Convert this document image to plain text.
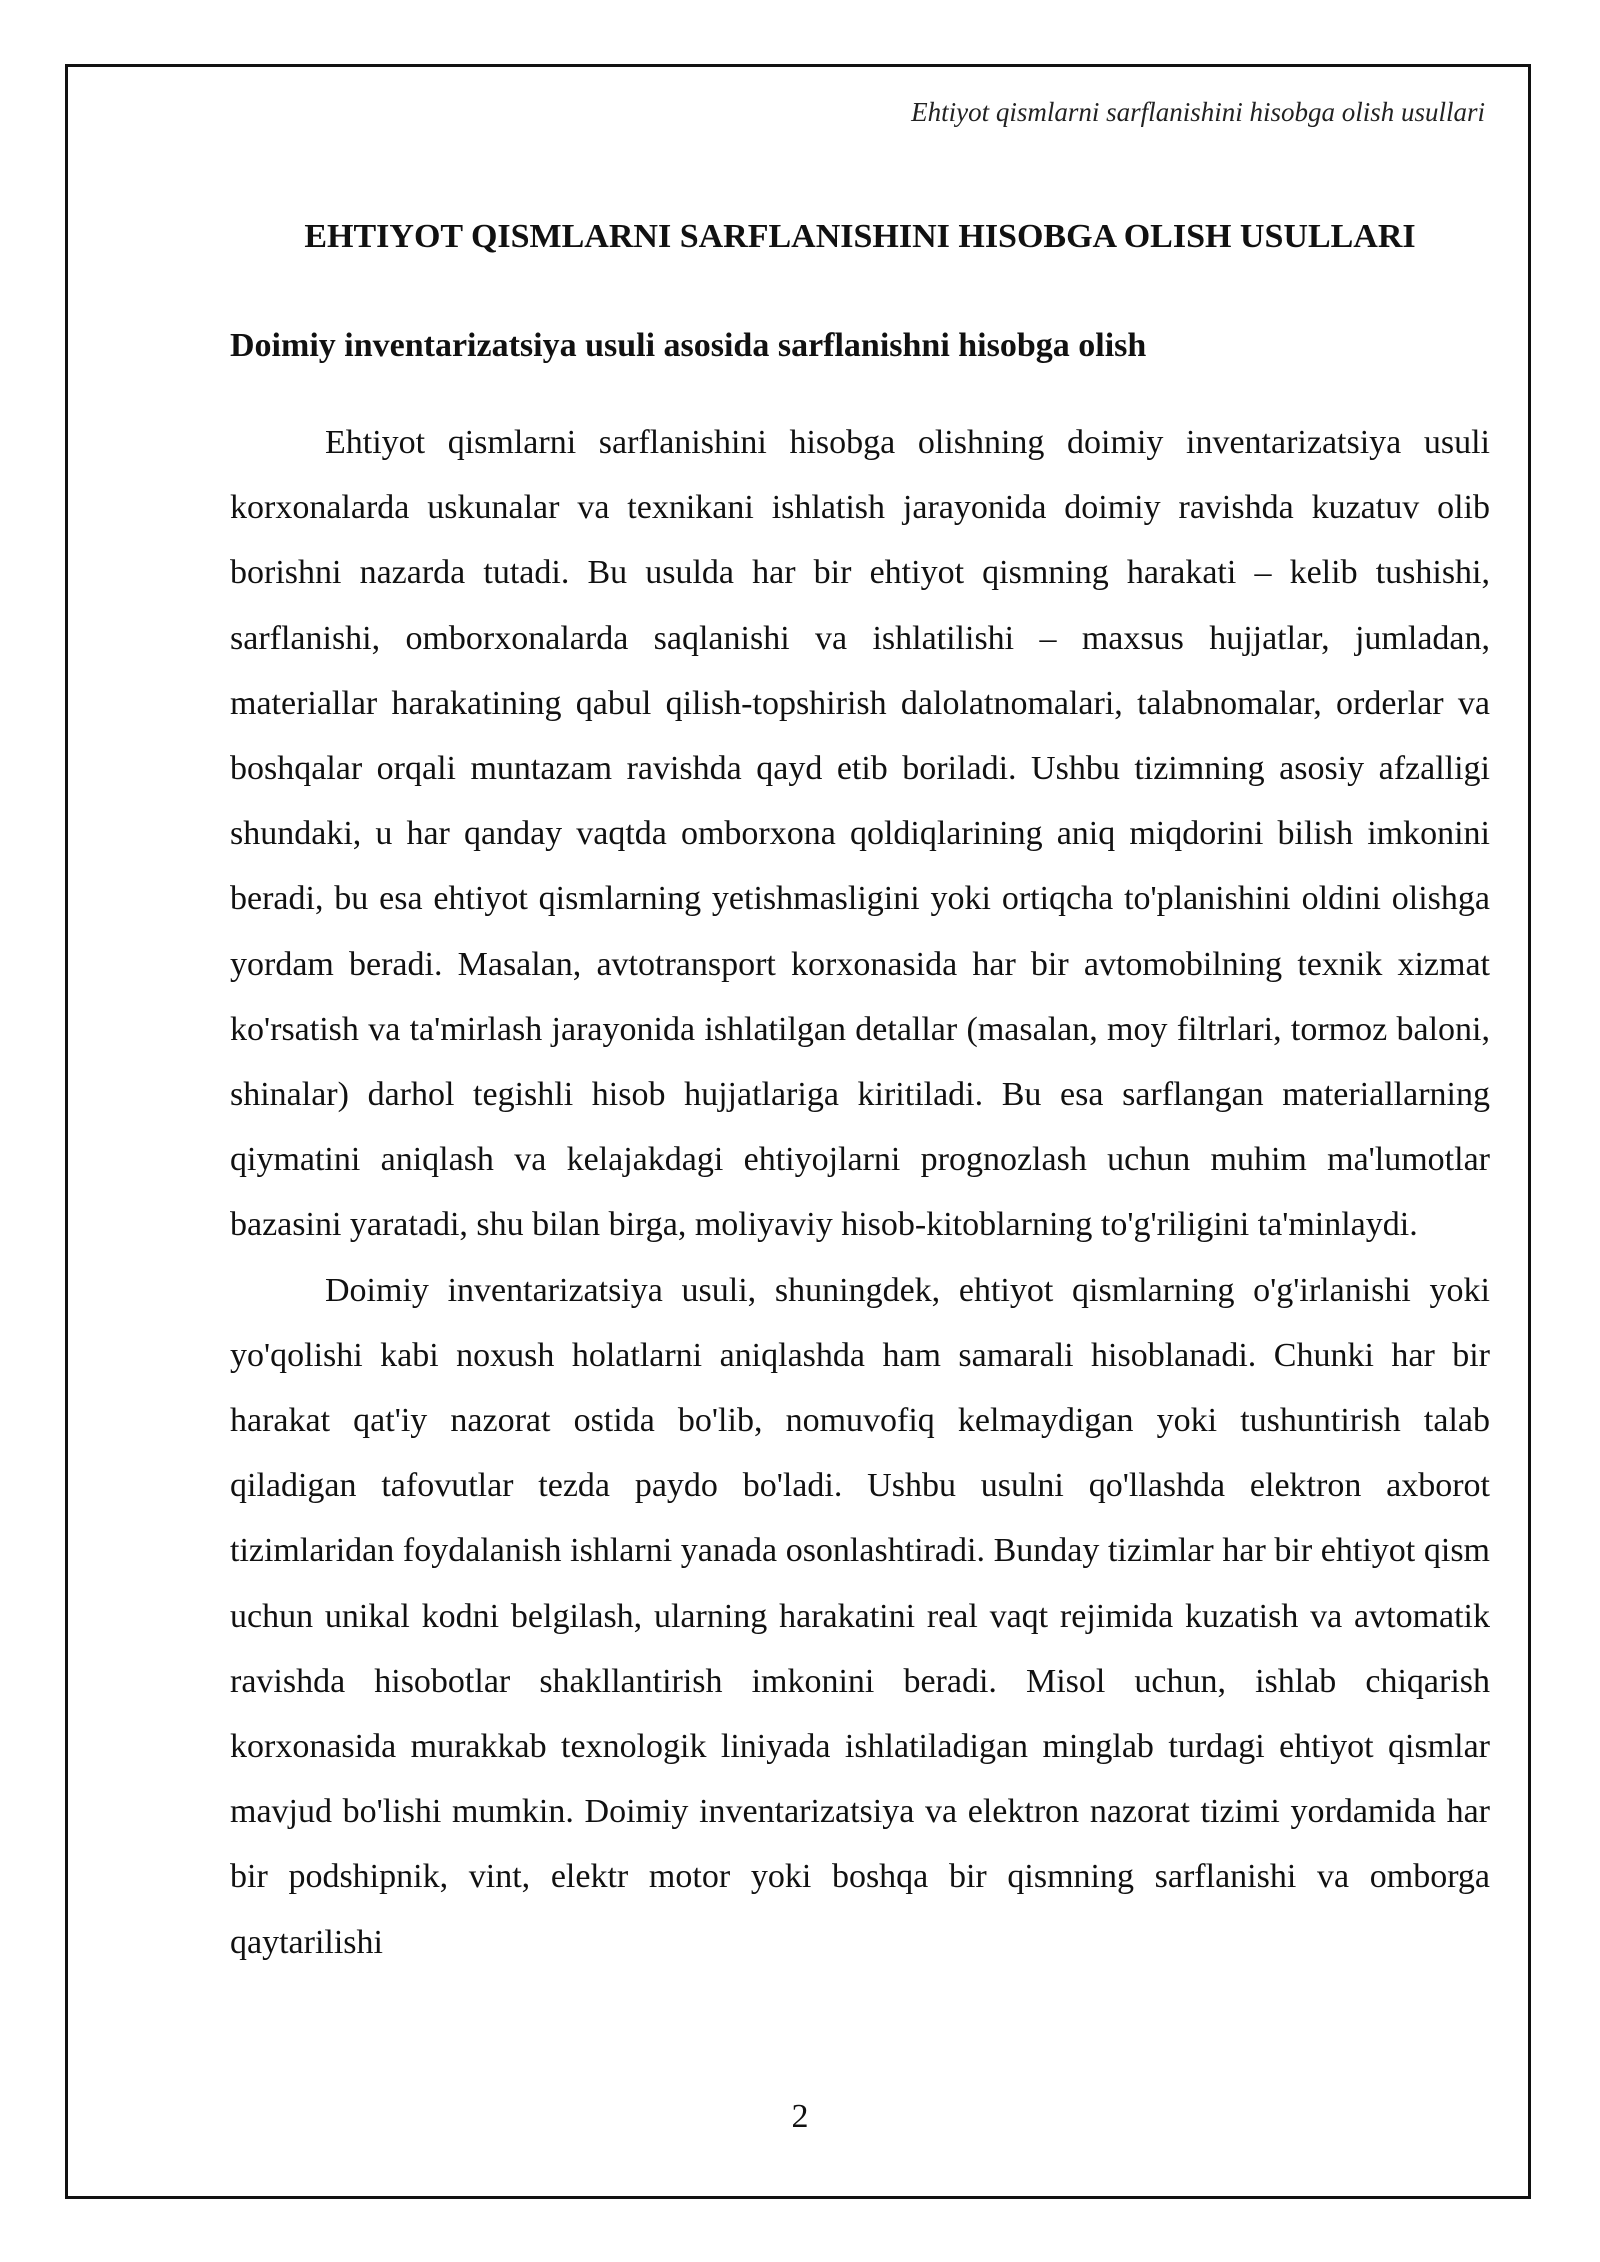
Ehtiyot qismlarni sarflanishini hisobga olish usullari
EHTIYOT QISMLARNI SARFLANISHINI HISOBGA OLISH USULLARI
Doimiy inventarizatsiya usuli asosida sarflanishni hisobga olish

Ehtiyot qismlarni sarflanishini hisobga olishning doimiy inventarizatsiya usuli korxonalarda uskunalar va texnikani ishlatish jarayonida doimiy ravishda kuzatuv olib borishni nazarda tutadi. Bu usulda har bir ehtiyot qismning harakati – kelib tushishi, sarflanishi, omborxonalarda saqlanishi va ishlatilishi – maxsus hujjatlar, jumladan, materiallar harakatining qabul qilish-topshirish dalolatnomalari, talabnomalar, orderlar va boshqalar orqali muntazam ravishda qayd etib boriladi. Ushbu tizimning asosiy afzalligi shundaki, u har qanday vaqtda omborxona qoldiqlarining aniq miqdorini bilish imkonini beradi, bu esa ehtiyot qismlarning yetishmasligini yoki ortiqcha to'planishini oldini olishga yordam beradi. Masalan, avtotransport korxonasida har bir avtomobilning texnik xizmat ko'rsatish va ta'mirlash jarayonida ishlatilgan detallar (masalan, moy filtrlari, tormoz baloni, shinalar) darhol tegishli hisob hujjatlariga kiritiladi. Bu esa sarflangan materiallarning qiymatini aniqlash va kelajakdagi ehtiyojlarni prognozlash uchun muhim ma'lumotlar bazasini yaratadi, shu bilan birga, moliyaviy hisob-kitoblarning to'g'riligini ta'minlaydi.

Doimiy inventarizatsiya usuli, shuningdek, ehtiyot qismlarning o'g'irlanishi yoki yo'qolishi kabi noxush holatlarni aniqlashda ham samarali hisoblanadi. Chunki har bir harakat qat'iy nazorat ostida bo'lib, nomuvofiq kelmaydigan yoki tushuntirish talab qiladigan tafovutlar tezda paydo bo'ladi. Ushbu usulni qo'llashda elektron axborot tizimlaridan foydalanish ishlarni yanada osonlashtiradi. Bunday tizimlar har bir ehtiyot qism uchun unikal kodni belgilash, ularning harakatini real vaqt rejimida kuzatish va avtomatik ravishda hisobotlar shakllantirish imkonini beradi. Misol uchun, ishlab chiqarish korxonasida murakkab texnologik liniyada ishlatiladigan minglab turdagi ehtiyot qismlar mavjud bo'lishi mumkin. Doimiy inventarizatsiya va elektron nazorat tizimi yordamida har bir podshipnik, vint, elektr motor yoki boshqa bir qismning sarflanishi va omborga qaytarilishi

2
